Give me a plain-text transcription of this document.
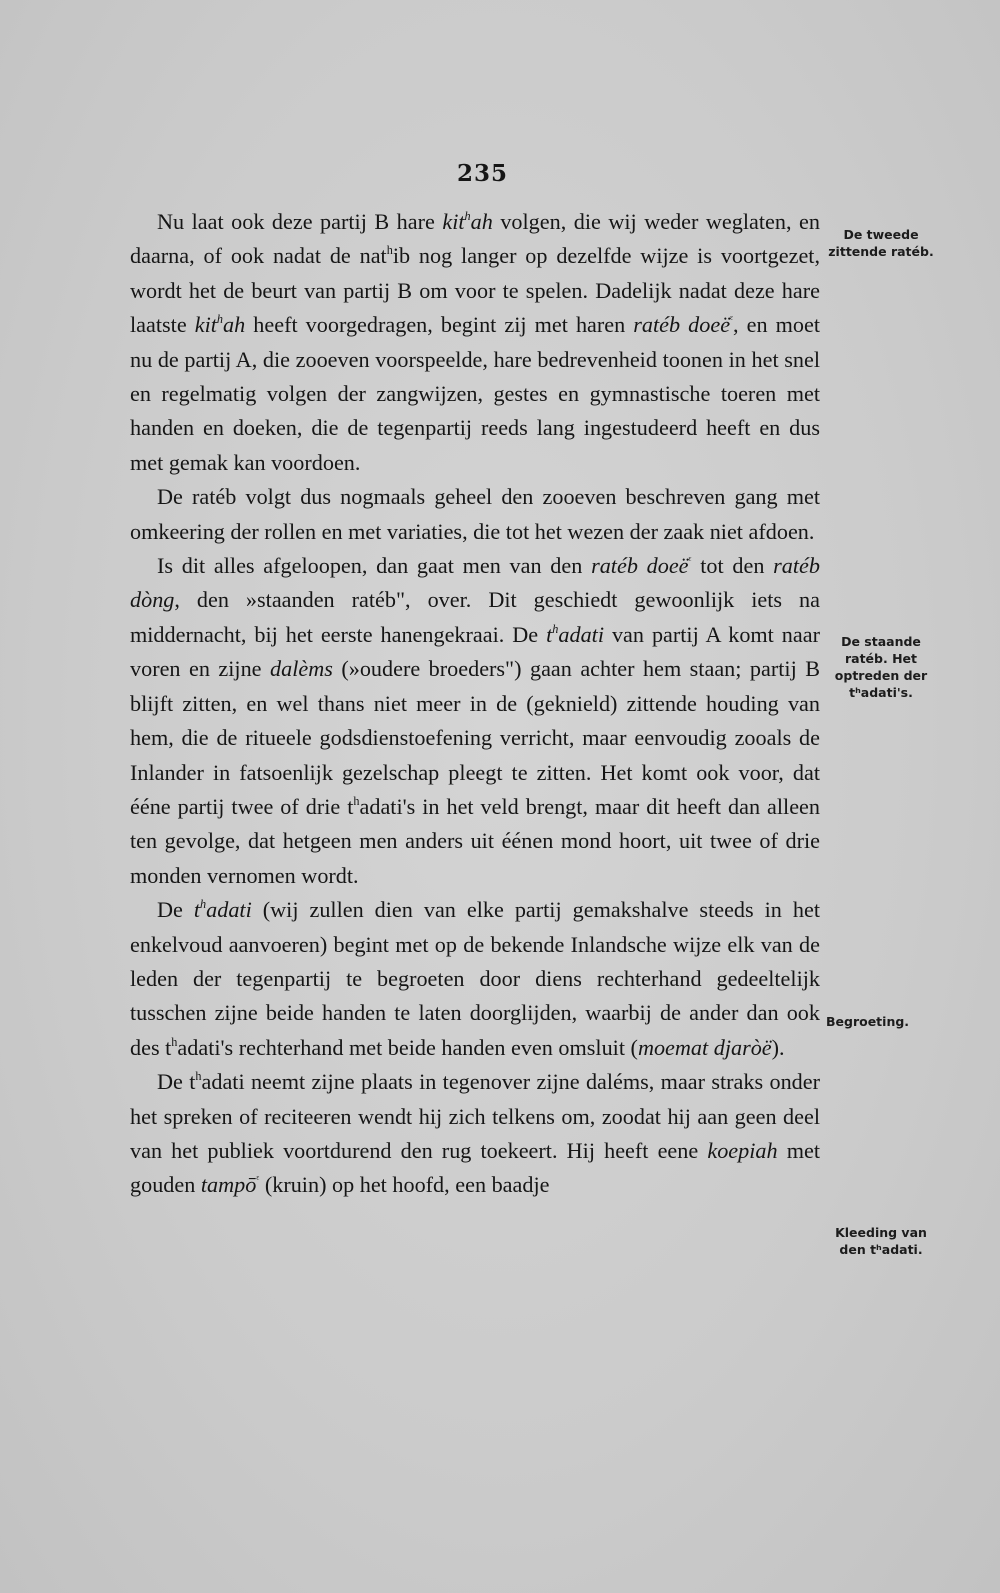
235

Nu laat ook deze partij B hare kit$^h$ah volgen, die wij weder weglaten, en daarna, of ook nadat de nat$^h$ib nog langer op dezelfde wijze is voortgezet, wordt het de beurt van partij B om voor te spelen. Dadelijk nadat deze hare laatste kit$^h$ah heeft voorgedragen, begint zij met haren ratéb doeë$^ᵋ$, en moet nu de partij A, die zooeven voorspeelde, hare bedrevenheid toonen in het snel en regelmatig volgen der zangwijzen, gestes en gymnastische toeren met handen en doeken, die de tegenpartij reeds lang ingestudeerd heeft en dus met gemak kan voordoen.

De ratéb volgt dus nogmaals geheel den zooeven beschreven gang met omkeering der rollen en met variaties, die tot het wezen der zaak niet afdoen.

Is dit alles afgeloopen, dan gaat men van den ratéb doeë$^ᵋ$ tot den ratéb dòng, den »staanden ratéb", over. Dit geschiedt gewoonlijk iets na middernacht, bij het eerste hanengekraai. De $t^hadati$ van partij A komt naar voren en zijne dalèms (»oudere broeders") gaan achter hem staan; partij B blijft zitten, en wel thans niet meer in de (geknield) zittende houding van hem, die de ritueele godsdienstoefening verricht, maar eenvoudig zooals de Inlander in fatsoenlijk gezelschap pleegt te zitten. Het komt ook voor, dat ééne partij twee of drie $t^hadati's$ in het veld brengt, maar dit heeft dan alleen ten gevolge, dat hetgeen men anders uit éénen mond hoort, uit twee of drie monden vernomen wordt.

De $t^hadati$ (wij zullen dien van elke partij gemakshalve steeds in het enkelvoud aanvoeren) begint met op de bekende Inlandsche wijze elk van de leden der tegenpartij te begroeten door diens rechterhand gedeeltelijk tusschen zijne beide handen te laten doorglijden, waarbij de ander dan ook des $t^hadati's$ rechterhand met beide handen even omsluit (moemat djaròë).

De $t^hadati$ neemt zijne plaats in tegenover zijne daléms, maar straks onder het spreken of reciteeren wendt hij zich telkens om, zoodat hij aan geen deel van het publiek voortdurend den rug toekeert. Hij heeft eene koepiah met gouden tampō$^ᵋ$ (kruin) op het hoofd, een baadje

De tweede zittende ratéb.
De staande ratéb. Het optreden der tʰadati's.
Begroeting.
Kleeding van den tʰadati.
